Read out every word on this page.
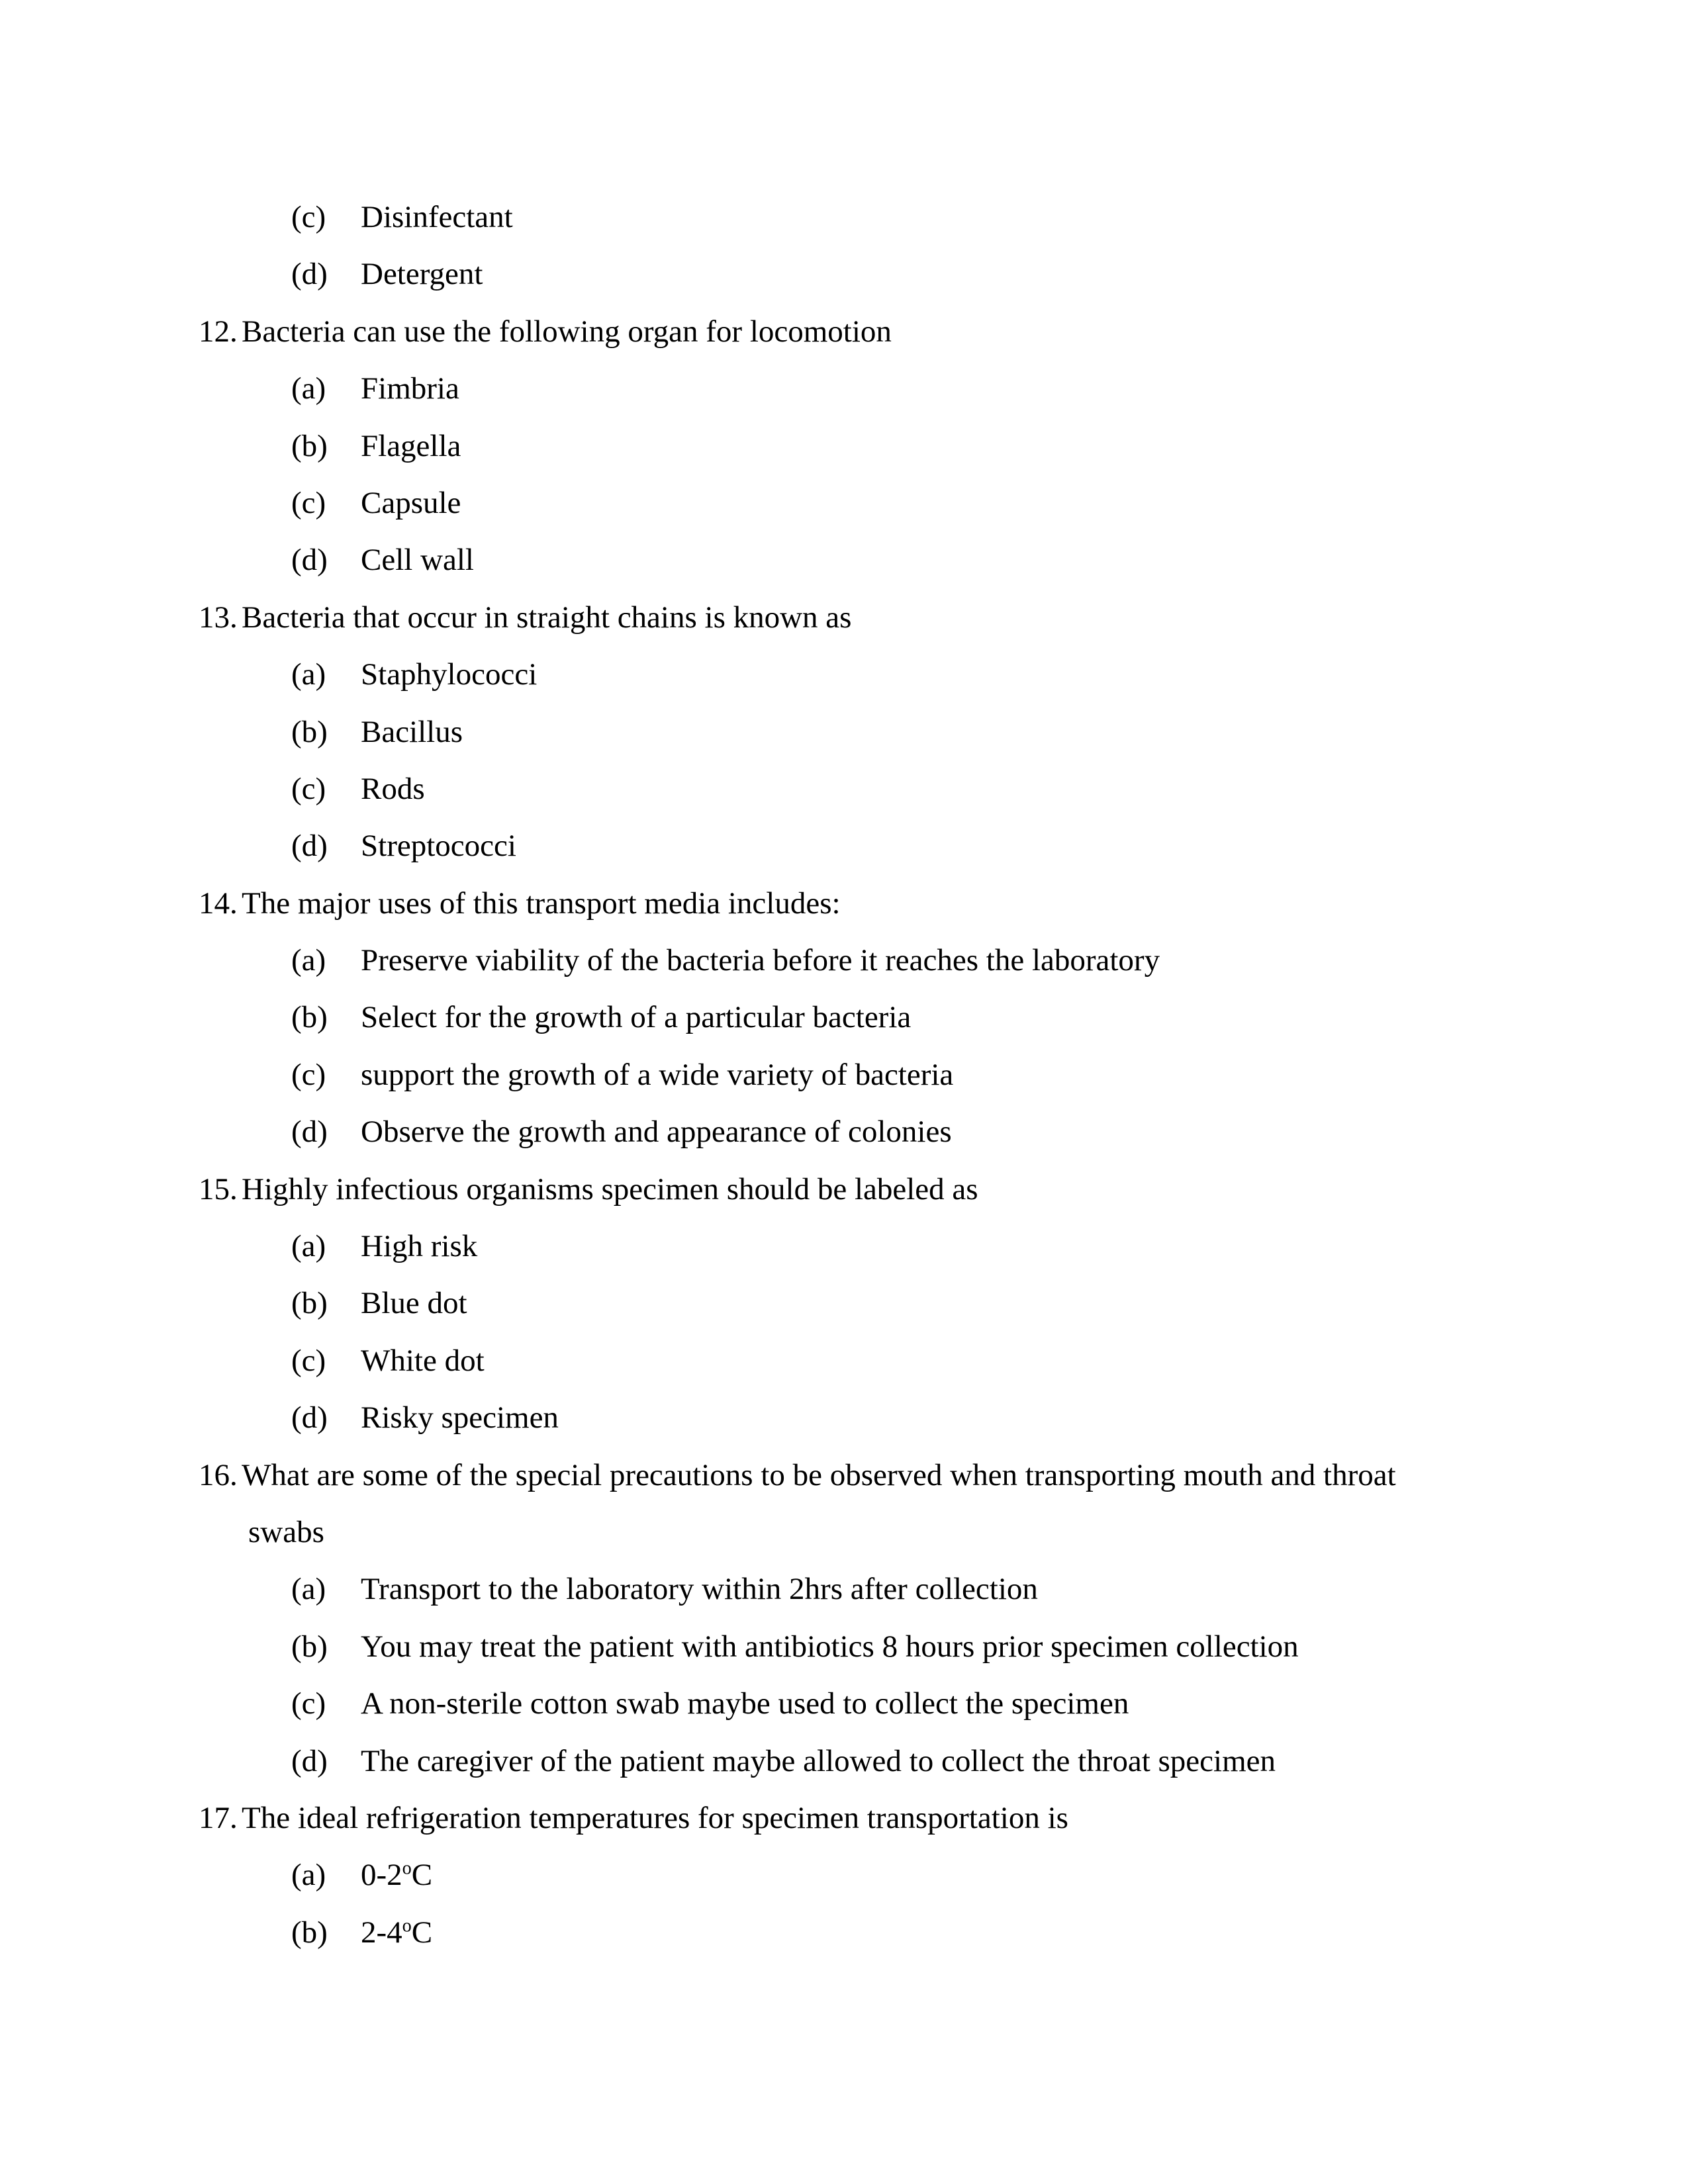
(c) Disinfectant
(d) Detergent
12. Bacteria can use the following organ for locomotion
(a) Fimbria
(b) Flagella
(c) Capsule
(d) Cell wall
13. Bacteria that occur in straight chains is known as
(a) Staphylococci
(b) Bacillus
(c) Rods
(d) Streptococci
14. The major uses of this transport media includes:
(a) Preserve viability of the bacteria before it reaches the laboratory
(b) Select for the growth of a particular bacteria
(c) support the growth of a wide variety of bacteria
(d) Observe the growth and appearance of colonies
15. Highly infectious organisms specimen should be labeled as
(a) High risk
(b) Blue dot
(c) White dot
(d) Risky specimen
16. What are some of the special precautions to be observed when transporting mouth and throat
swabs
(a) Transport to the laboratory within 2hrs after collection
(b) You may treat the patient with antibiotics 8 hours prior specimen collection
(c) A non-sterile cotton swab maybe used to collect the specimen
(d) The caregiver of the patient maybe allowed to collect the throat specimen
17. The ideal refrigeration temperatures for specimen transportation is
(a) 0-2$^o$C
(b) 2-4$^o$C
